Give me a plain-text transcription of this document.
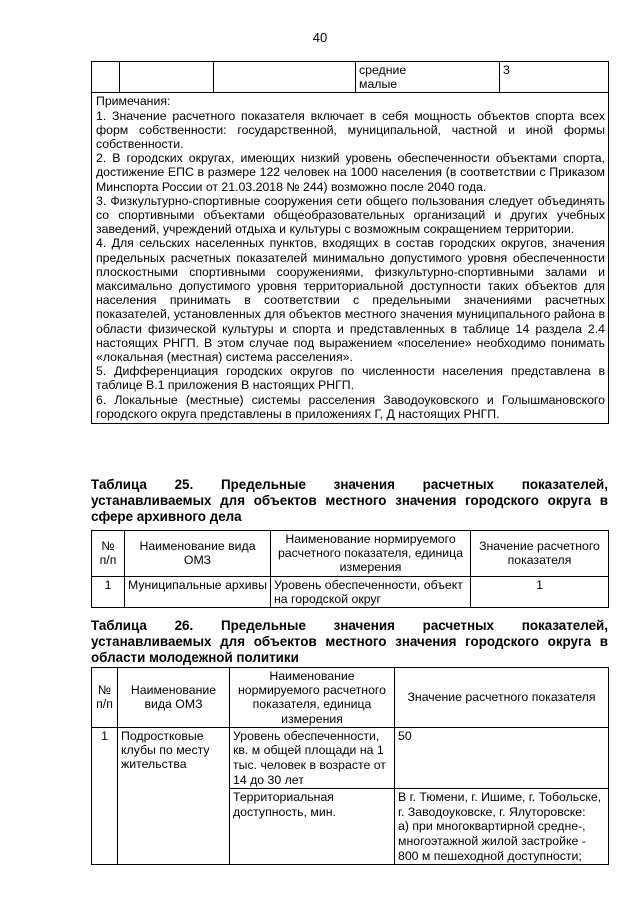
40
			средние
малые	3

Примечания:

1. Значение расчетного показателя включает в себя мощность объектов спорта всех форм собственности: государственной, муниципальной, частной и иной формы собственности.

2. В городских округах, имеющих низкий уровень обеспеченности объектами спорта, достижение ЕПС в размере 122 человек на 1000 населения (в соответствии с Приказом Минспорта России от 21.03.2018 № 244) возможно после 2040 года.

3. Физкультурно-спортивные сооружения сети общего пользования следует объединять со спортивными объектами общеобразовательных организаций и других учебных заведений, учреждений отдыха и культуры с возможным сокращением территории.

4. Для сельских населенных пунктов, входящих в состав городских округов, значения предельных расчетных показателей минимально допустимого уровня обеспеченности плоскостными спортивными сооружениями, физкультурно-спортивными залами и максимально допустимого уровня территориальной доступности таких объектов для населения принимать в соответствии с предельными значениями расчетных показателей, установленных для объектов местного значения муниципального района в области физической культуры и спорта и представленных в таблице 14 раздела 2.4 настоящих РНГП. В этом случае под выражением «поселение» необходимо понимать «локальная (местная) система расселения».

5. Дифференциация городских округов по численности населения представлена в таблице В.1 приложения В настоящих РНГП.

6. Локальные (местные) системы расселения Заводоуковского и Голышмановского городского округа представлены в приложениях Г, Д настоящих РНГП.

Таблица 25. Предельные значения расчетных показателей, устанавливаемых для объектов местного значения городского округа в сфере архивного дела
№ п/п	Наименование вида ОМЗ	Наименование нормируемого расчетного показателя, единица измерения	Значение расчетного показателя
1	Муниципальные архивы	Уровень обеспеченности, объект на городской округ	1
Таблица 26. Предельные значения расчетных показателей, устанавливаемых для объектов местного значения городского округа в области молодежной политики
№ п/п	Наименование вида ОМЗ	Наименование нормируемого расчетного показателя, единица измерения	Значение расчетного показателя
1	Подростковые клубы по месту жительства	Уровень обеспеченности, кв. м общей площади на 1 тыс. человек в возрасте от 14 до 30 лет	50
		Территориальная доступность, мин.	В г. Тюмени, г. Ишиме, г. Тобольске, г. Заводоуковске, г. Ялуторовске:
а) при многоквартирной средне-, многоэтажной жилой застройке - 800 м пешеходной доступности;
